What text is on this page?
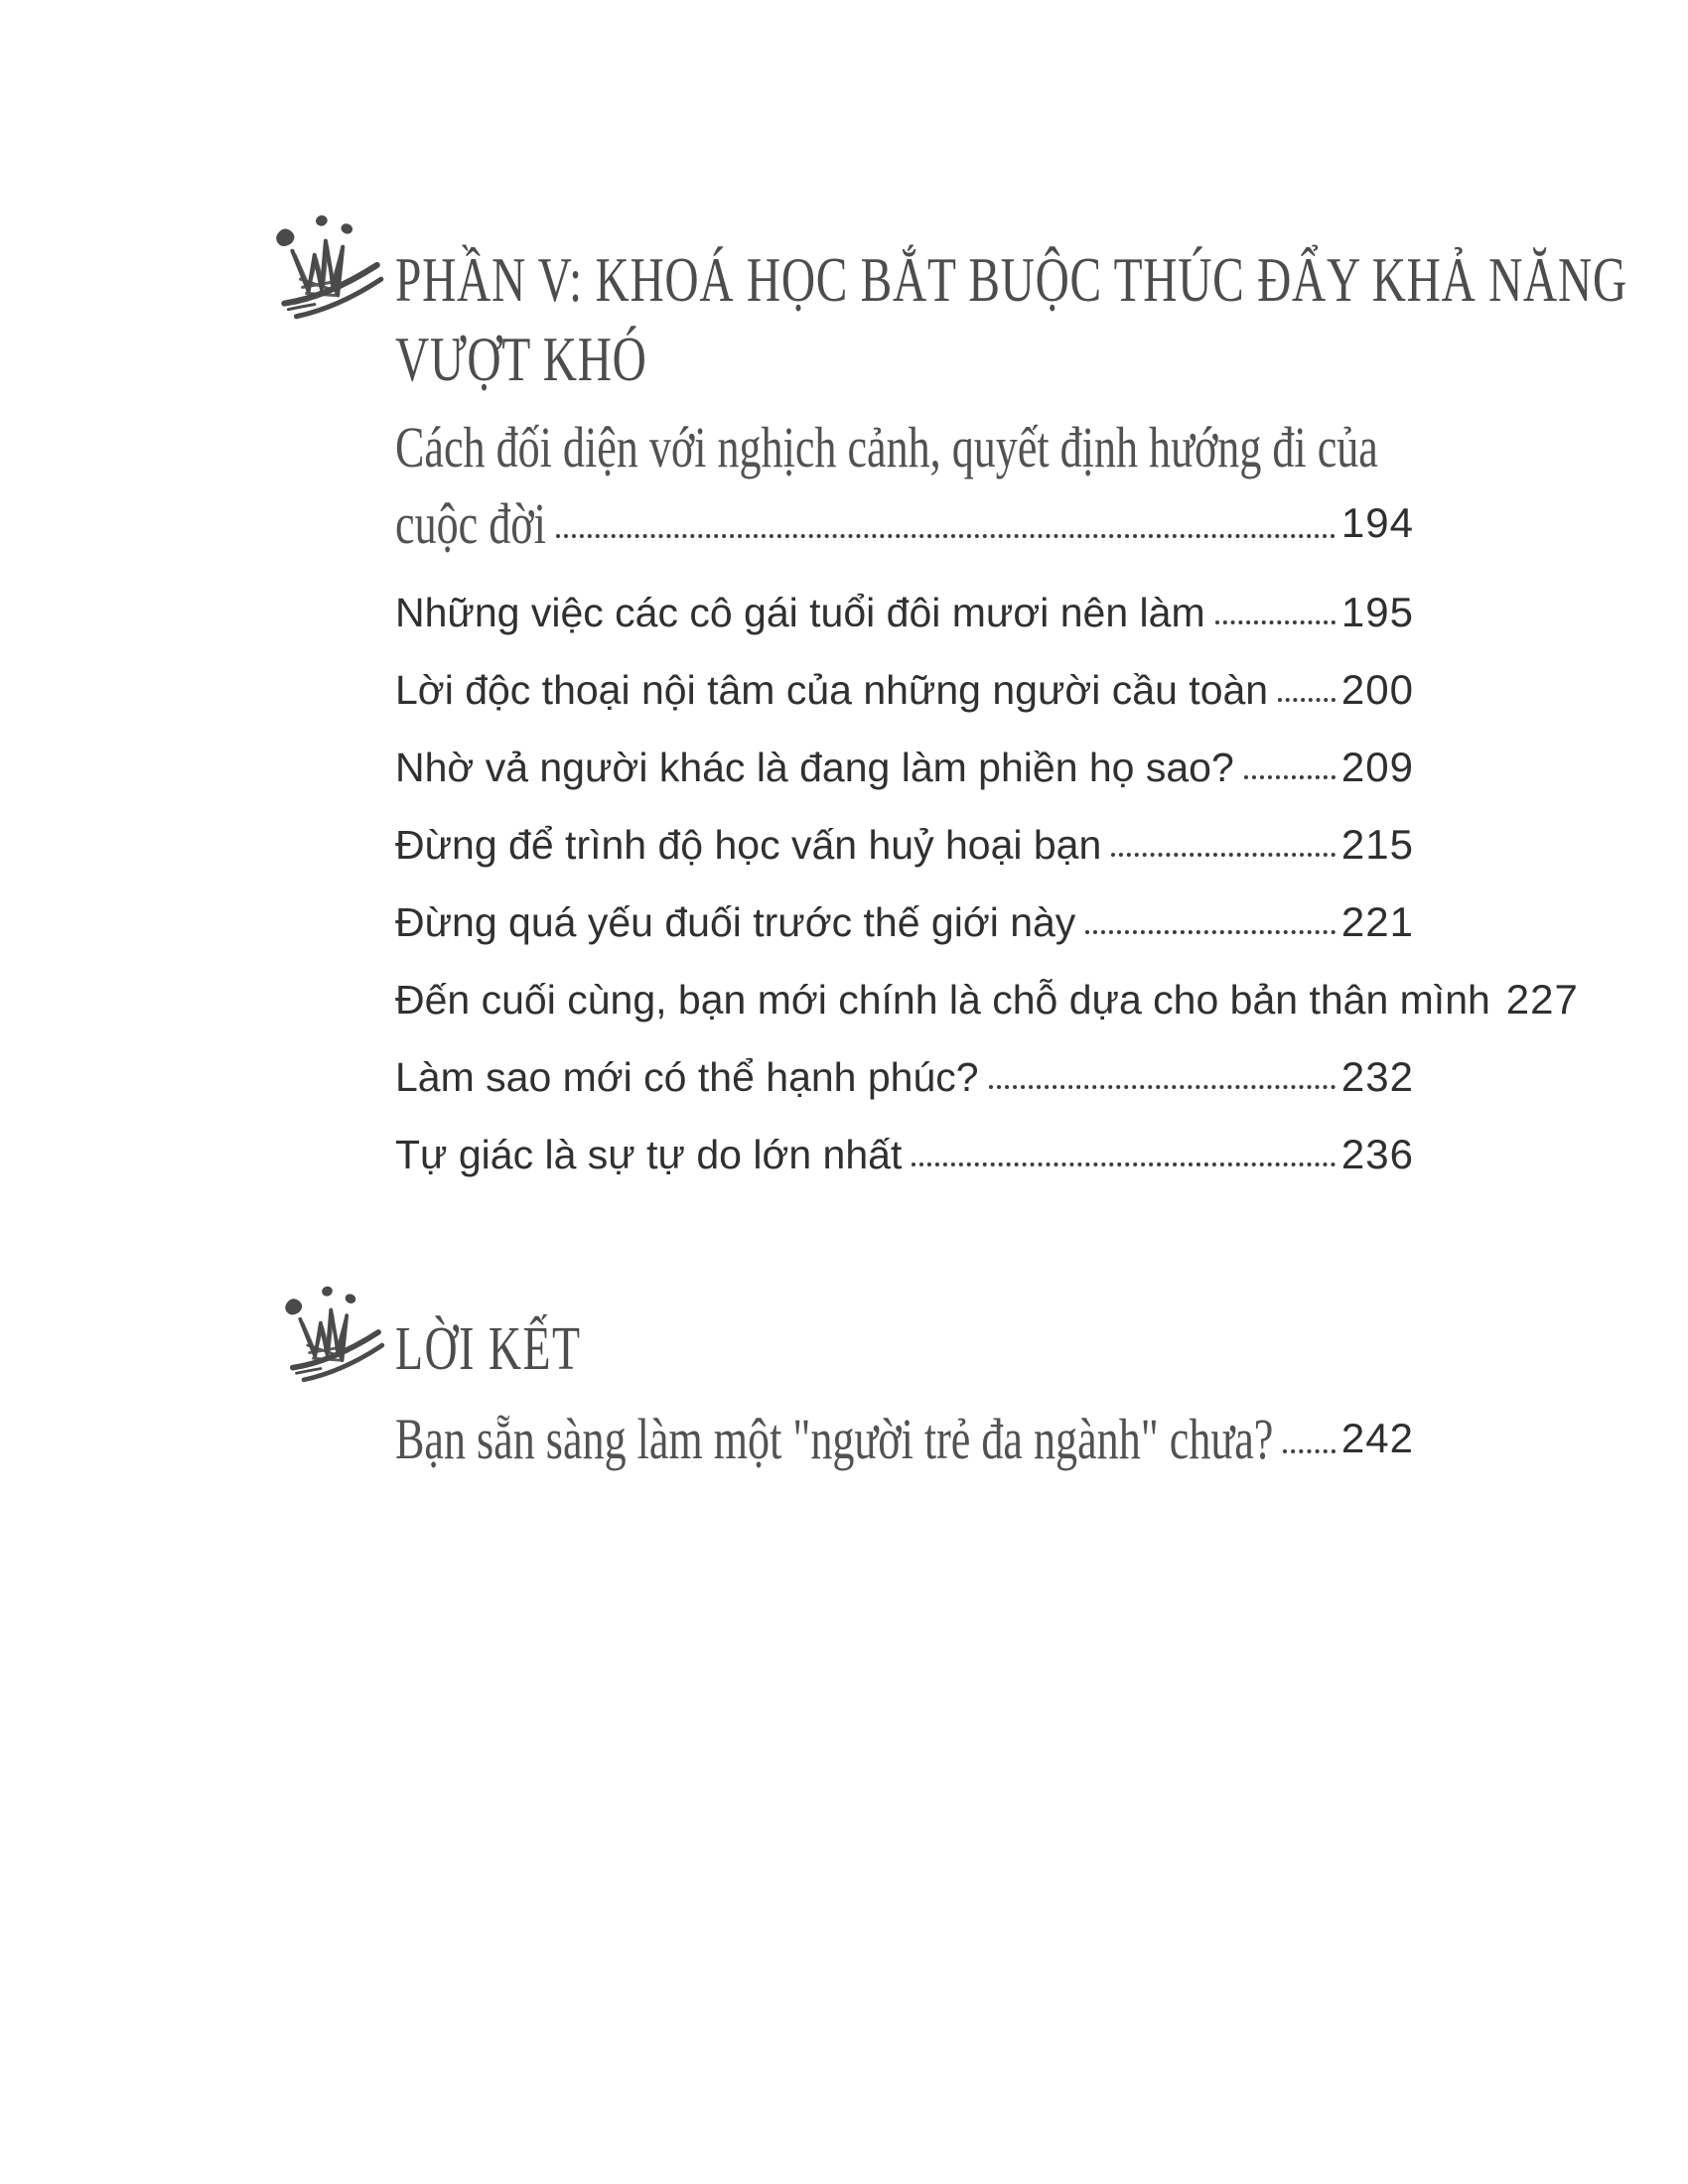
PHẦN V: KHOÁ HỌC BẮT BUỘC THÚC ĐẨY KHẢ NĂNG
VƯỢT KHÓ
Cách đối diện với nghịch cảnh, quyết định hướng đi của
cuộc đời	194
Những việc các cô gái tuổi đôi mươi nên làm	195
Lời độc thoại nội tâm của những người cầu toàn 200
Nhờ vả người khác là đang làm phiền họ sao?	209
Đừng để trình độ học vấn huỷ hoại bạn	215
Đừng quá yếu đuối trước thế giới này	221
Đến cuối cùng, bạn mới chính là chỗ dựa cho bản thân mình 227
Làm sao mới có thể hạnh phúc?	232
Tự giác là sự tự do lớn nhất	236
LỜI KẾT
Bạn sẵn sàng làm một "người trẻ đa ngành" chưa? 242
